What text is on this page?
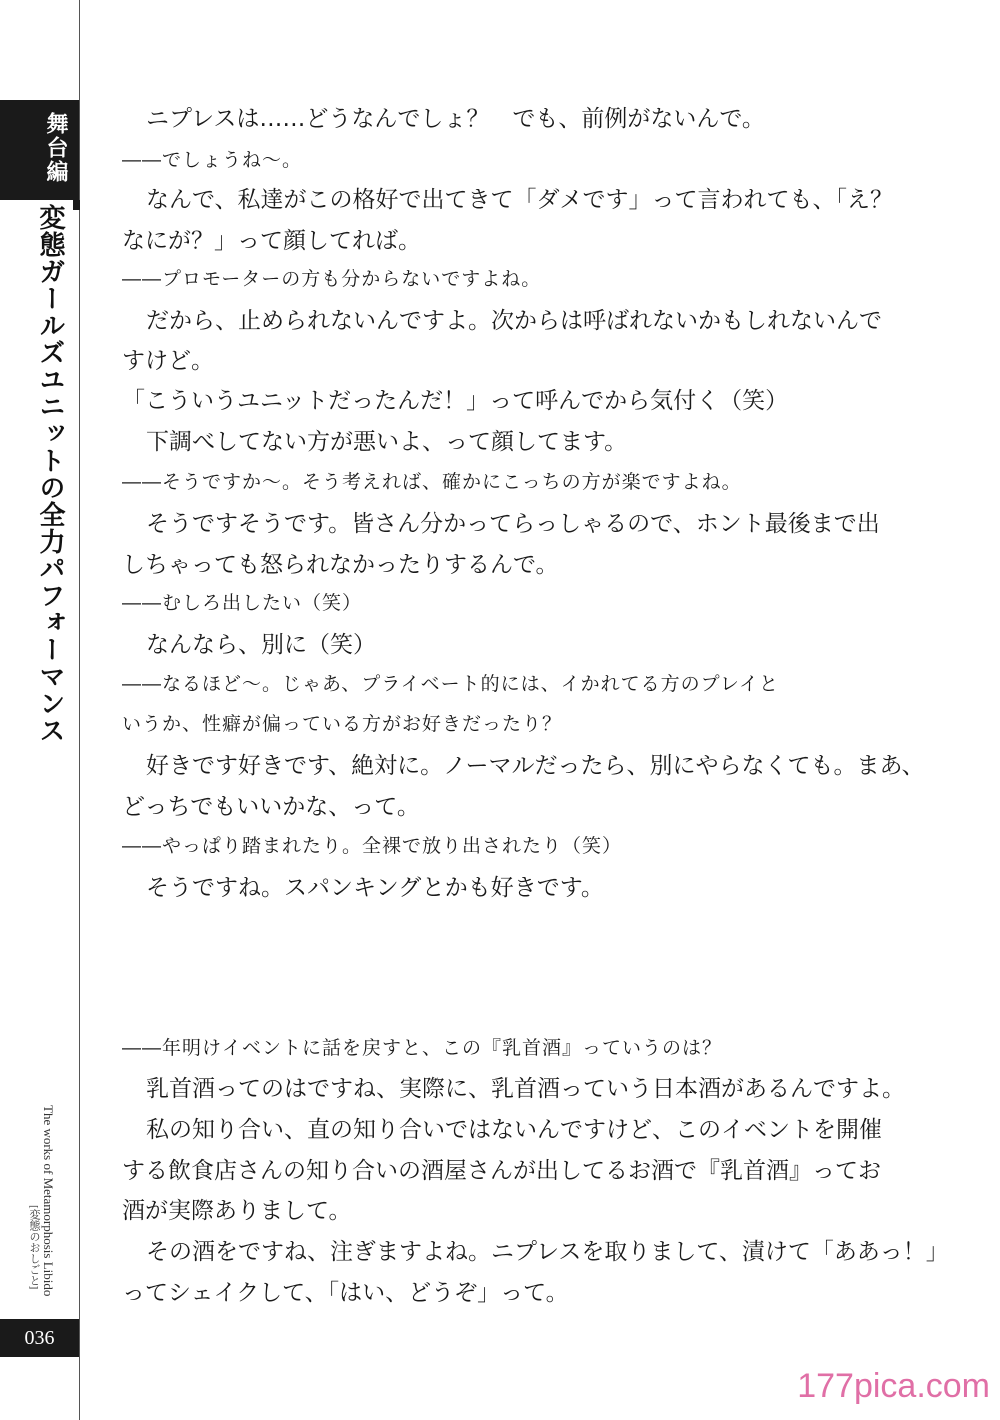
舞台編
変態ガールズユニットの全力パフォーマンス
The works of Metamorphosis Libido
[変態のおしごと]
036
ニプレスは……どうなんでしょ？　でも、前例がないんで。
――でしょうね～。
なんで、私達がこの格好で出てきて「ダメです」って言われても、「え？
なにが？」って顔してれば。
――プロモーターの方も分からないですよね。
だから、止められないんですよ。次からは呼ばれないかもしれないんで
すけど。
「こういうユニットだったんだ！」って呼んでから気付く（笑）
下調べしてない方が悪いよ、って顔してます。
――そうですか～。そう考えれば、確かにこっちの方が楽ですよね。
そうですそうです。皆さん分かってらっしゃるので、ホント最後まで出
しちゃっても怒られなかったりするんで。
――むしろ出したい（笑）
なんなら、別に（笑）
――なるほど～。じゃあ、プライベート的には、イかれてる方のプレイと
いうか、性癖が偏っている方がお好きだったり？
好きです好きです、絶対に。ノーマルだったら、別にやらなくても。まあ、
どっちでもいいかな、って。
――やっぱり踏まれたり。全裸で放り出されたり（笑）
そうですね。スパンキングとかも好きです。
――年明けイベントに話を戻すと、この『乳首酒』っていうのは？
乳首酒ってのはですね、実際に、乳首酒っていう日本酒があるんですよ。
私の知り合い、直の知り合いではないんですけど、このイベントを開催
する飲食店さんの知り合いの酒屋さんが出してるお酒で『乳首酒』ってお
酒が実際ありまして。
その酒をですね、注ぎますよね。ニプレスを取りまして、漬けて「ああっ！」
ってシェイクして、「はい、どうぞ」って。
177pica.com
